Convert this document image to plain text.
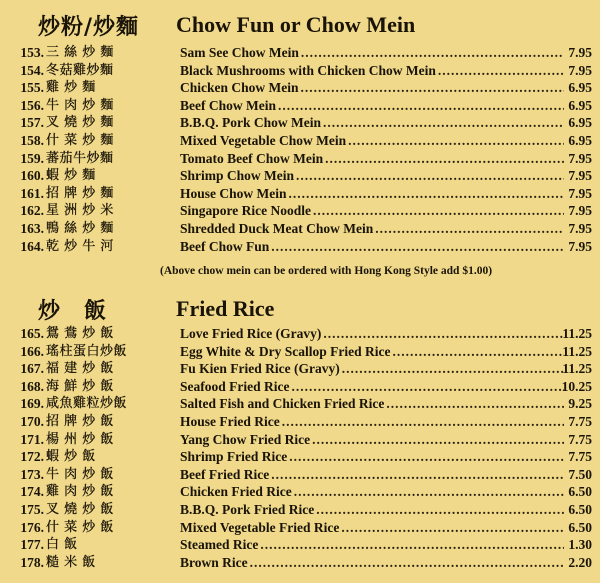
炒粉/炒麵 Chow Fun or Chow Mein
153. 三 絲 炒 麵	Sam See Chow Mein .....	7.95
154. 冬菇雞炒麵	Black Mushrooms with Chicken Chow Mein .....	7.95
155. 雞 炒 麵	Chicken Chow Mein .....	6.95
156. 牛 肉 炒 麵	Beef Chow Mein .....	6.95
157. 叉 燒 炒 麵	B.B.Q. Pork Chow Mein .....	6.95
158. 什 菜 炒 麵	Mixed Vegetable Chow Mein .....	6.95
159. 蕃茄牛炒麵	Tomato Beef Chow Mein .....	7.95
160. 蝦 炒 麵	Shrimp Chow Mein .....	7.95
161. 招 牌 炒 麵	House Chow Mein .....	7.95
162. 星 洲 炒 米	Singapore Rice Noodle .....	7.95
163. 鴨 絲 炒 麵	Shredded Duck Meat Chow Mein .....	7.95
164. 乾 炒 牛 河	Beef Chow Fun .....	7.95
(Above chow mein can be ordered with Hong Kong Style add $1.00)
炒　飯	Fried Rice
165. 鴛 鴦 炒 飯	Love Fried Rice (Gravy) .....	11.25
166. 瑤柱蛋白炒飯	Egg White & Dry Scallop Fried Rice .....	11.25
167. 福 建 炒 飯	Fu Kien Fried Rice (Gravy) .....	11.25
168. 海 鮮 炒 飯	Seafood Fried Rice .....	10.25
169. 咸魚雞粒炒飯	Salted Fish and Chicken Fried Rice .....	9.25
170. 招 牌 炒 飯	House Fried Rice .....	7.75
171. 楊 州 炒 飯	Yang Chow Fried Rice .....	7.75
172. 蝦 炒 飯	Shrimp Fried Rice .....	7.75
173. 牛 肉 炒 飯	Beef Fried Rice .....	7.50
174. 雞 肉 炒 飯	Chicken Fried Rice .....	6.50
175. 叉 燒 炒 飯	B.B.Q. Pork Fried Rice .....	6.50
176. 什 菜 炒 飯	Mixed Vegetable Fried Rice .....	6.50
177. 白 飯	Steamed Rice .....	1.30
178. 糙 米 飯	Brown Rice .....	2.20
